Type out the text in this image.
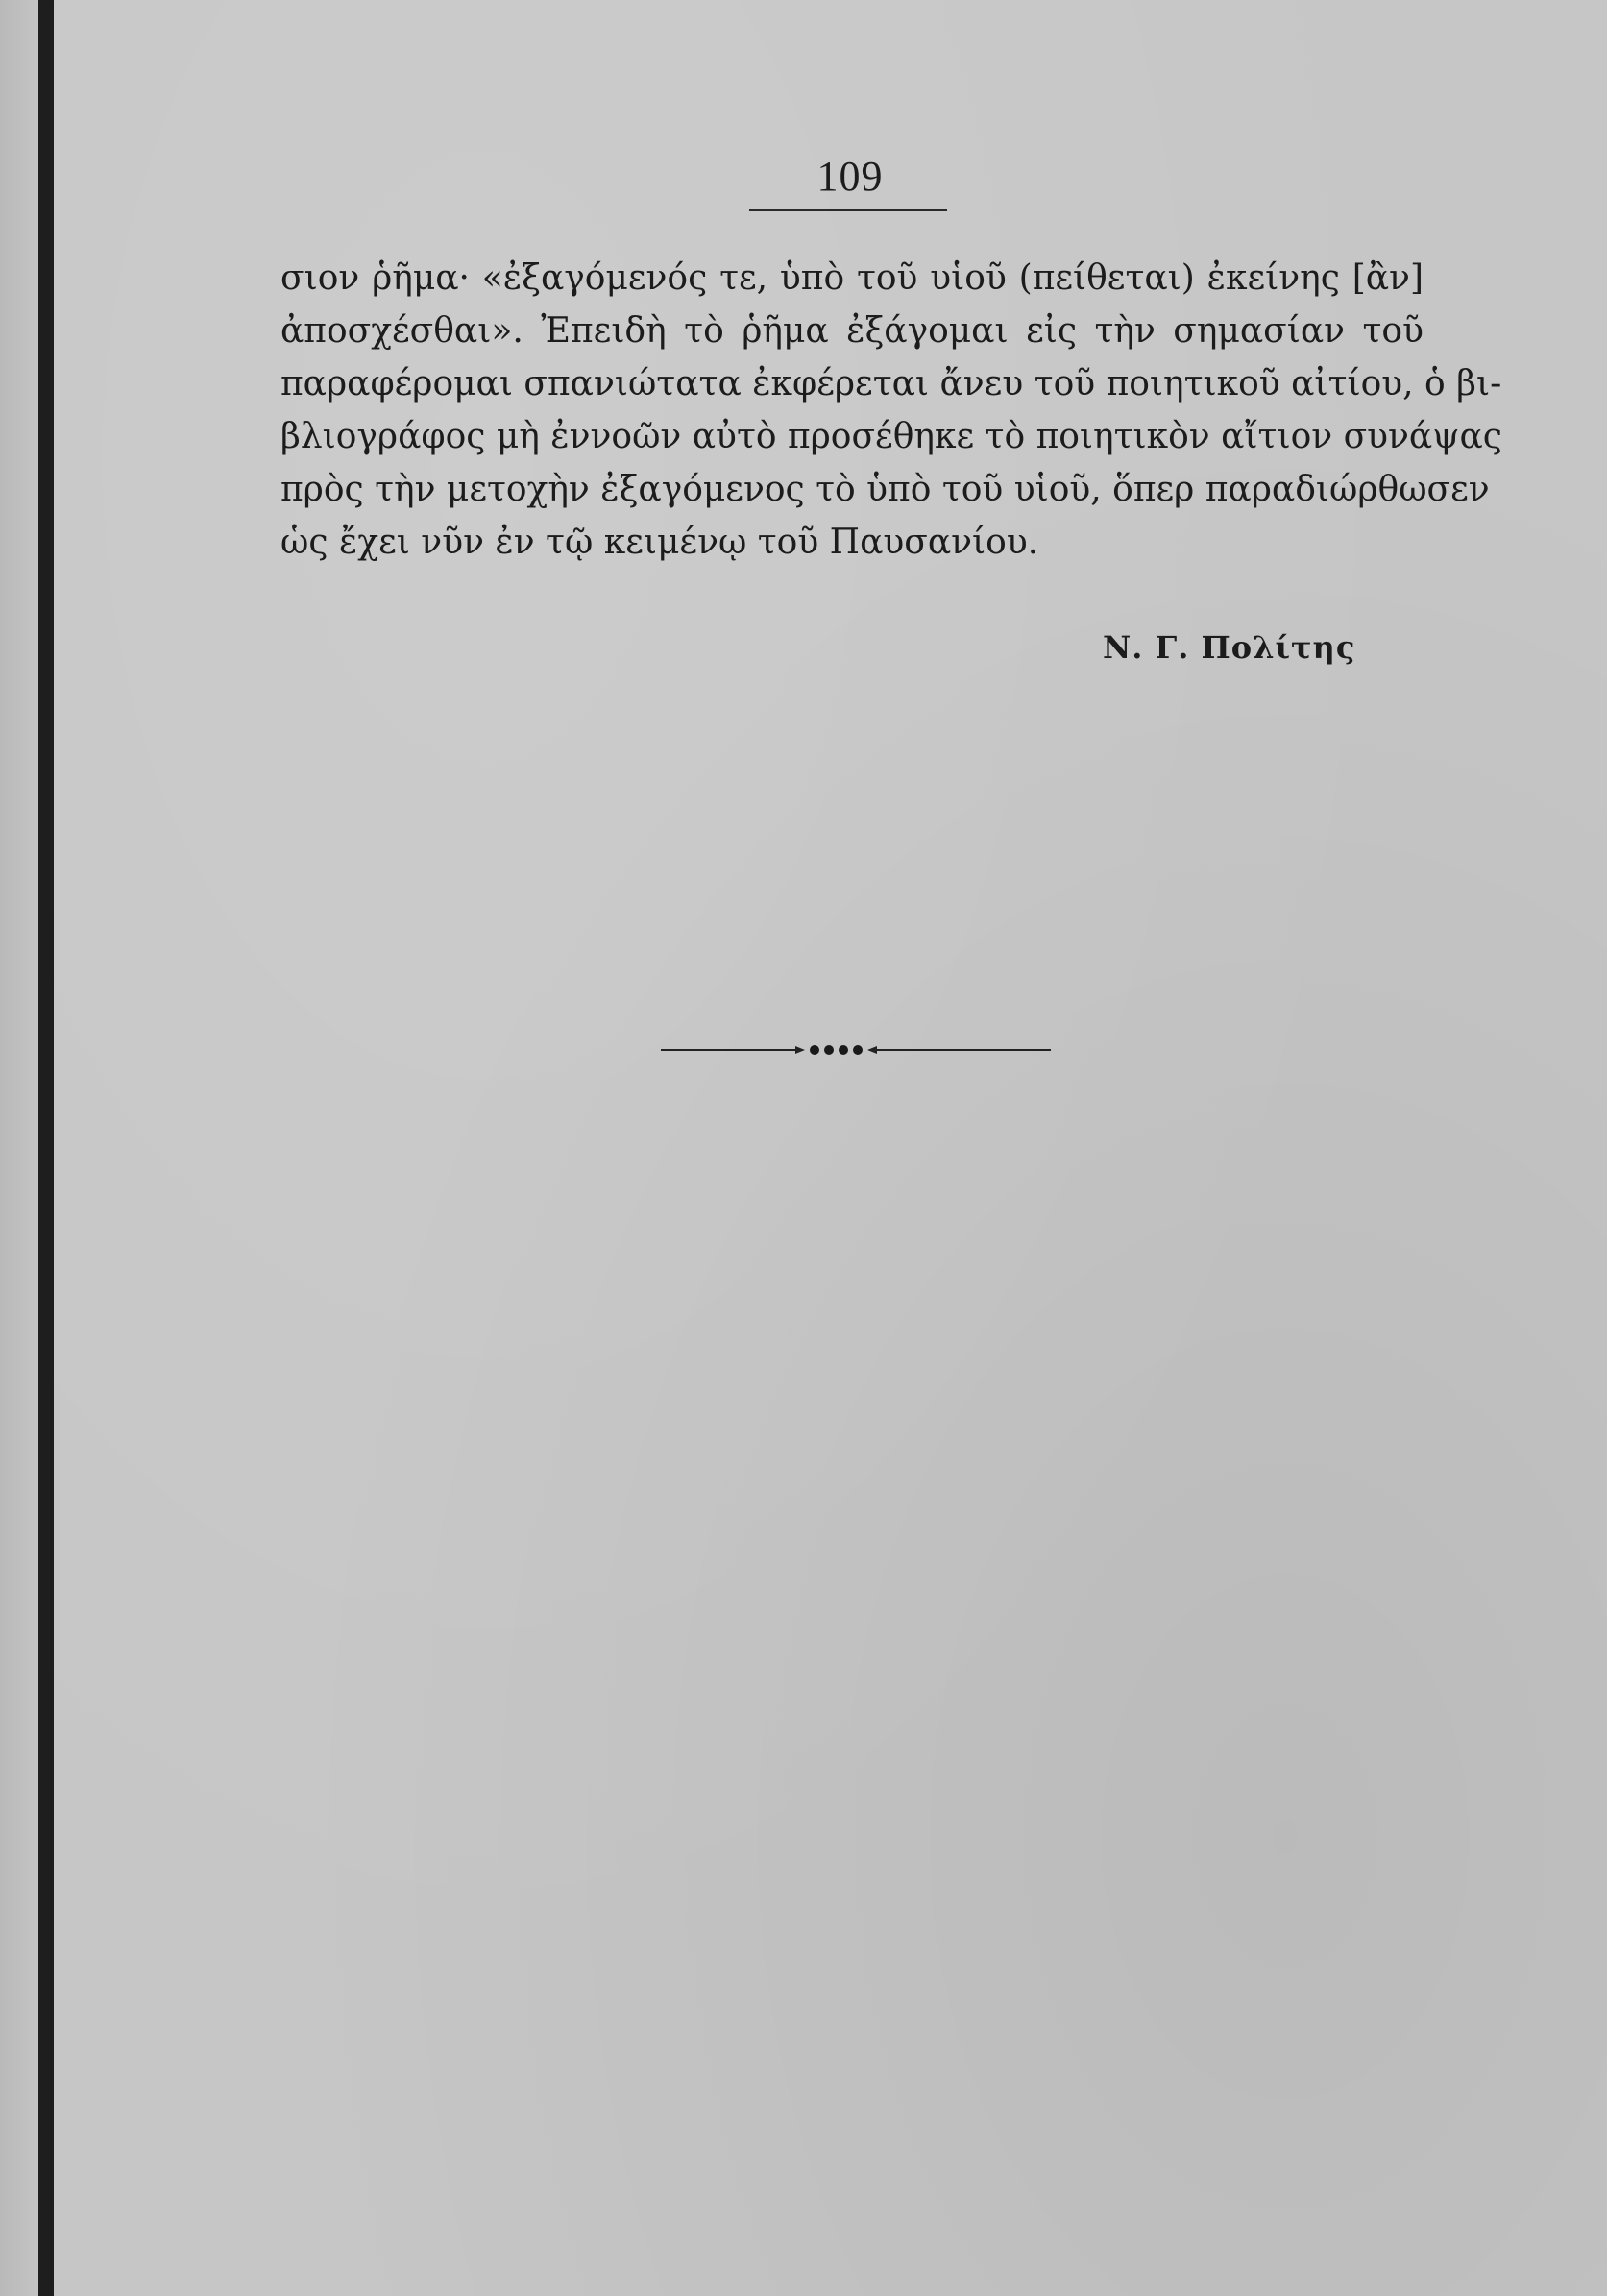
109
σιον ῥῆμα· «ἐξαγόμενός τε, ὑπὸ τοῦ υἱοῦ (πείθεται) ἐκείνης [ἂν]
ἀποσχέσθαι». Ἐπειδὴ τὸ ῥῆμα ἐξάγομαι εἰς τὴν σημασίαν τοῦ
παραφέρομαι σπανιώτατα ἐκφέρεται ἄνευ τοῦ ποιητικοῦ αἰτίου, ὁ βι-
βλιογράφος μὴ ἐννοῶν αὐτὸ προσέθηκε τὸ ποιητικὸν αἴτιον συνάψας
πρὸς τὴν μετοχὴν ἐξαγόμενος τὸ ὑπὸ τοῦ υἱοῦ, ὅπερ παραδιώρθωσεν
ὡς ἔχει νῦν ἐν τῷ κειμένῳ τοῦ Παυσανίου.
Ν. Γ. Πολίτης
